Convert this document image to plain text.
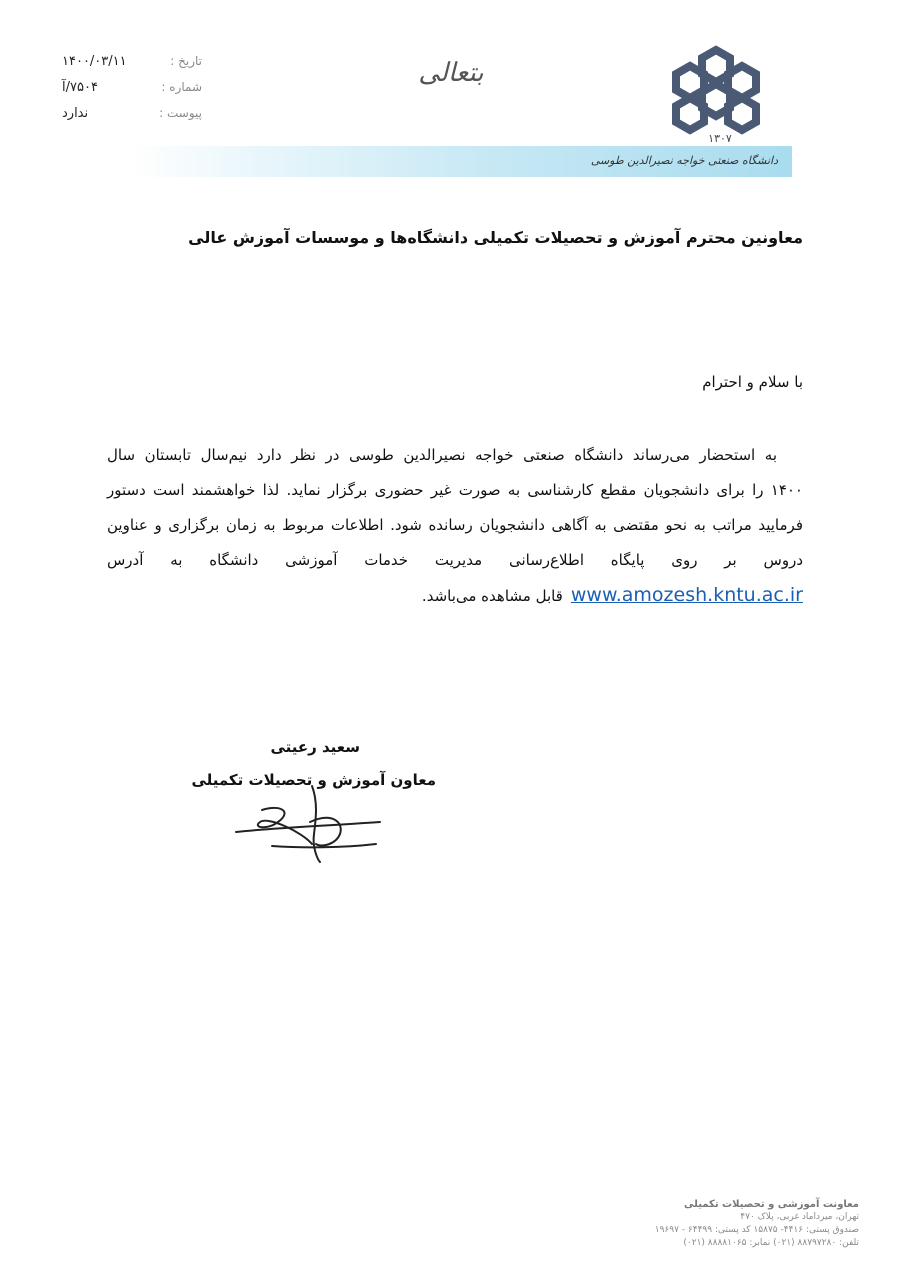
تاریخ :
۱۴۰۰/۰۳/۱۱
شماره :
۷۵۰۴/آ
پیوست :
ندارد
بتعالی
۱۳۰۷
دانشگاه صنعتی خواجه نصیرالدین طوسی
معاونین محترم آموزش و تحصیلات تکمیلی دانشگاه‌ها و موسسات آموزش عالی
با سلام و احترام
به استحضار می‌رساند دانشگاه صنعتی خواجه نصیرالدین طوسی در نظر دارد نیم‌سال تابستان سال
۱۴۰۰ را برای دانشجویان مقطع کارشناسی به صورت غیر حضوری برگزار نماید. لذا خواهشمند است دستور
فرمایید مراتب به نحو مقتضی به آگاهی دانشجویان رسانده شود. اطلاعات مربوط به زمان برگزاری و عناوین
دروس بر روی پایگاه اطلاع‌رسانی مدیریت خدمات آموزشی دانشگاه به آدرس
www.amozesh.kntu.ac.irقابل مشاهده می‌باشد.
سعید رعیتی
معاون آموزش و تحصیلات تکمیلی
معاونت آموزشی و تحصیلات تکمیلی
تهران، میرداماد غربی، پلاک ۴۷۰
صندوق پستی: ۴۴۱۶- ۱۵۸۷۵ کد پستی: ۶۴۴۹۹ - ۱۹۶۹۷
تلفن: ۸۸۷۹۷۲۸۰ (۰۲۱) نمابر: ۸۸۸۸۱۰۶۵ (۰۲۱)
